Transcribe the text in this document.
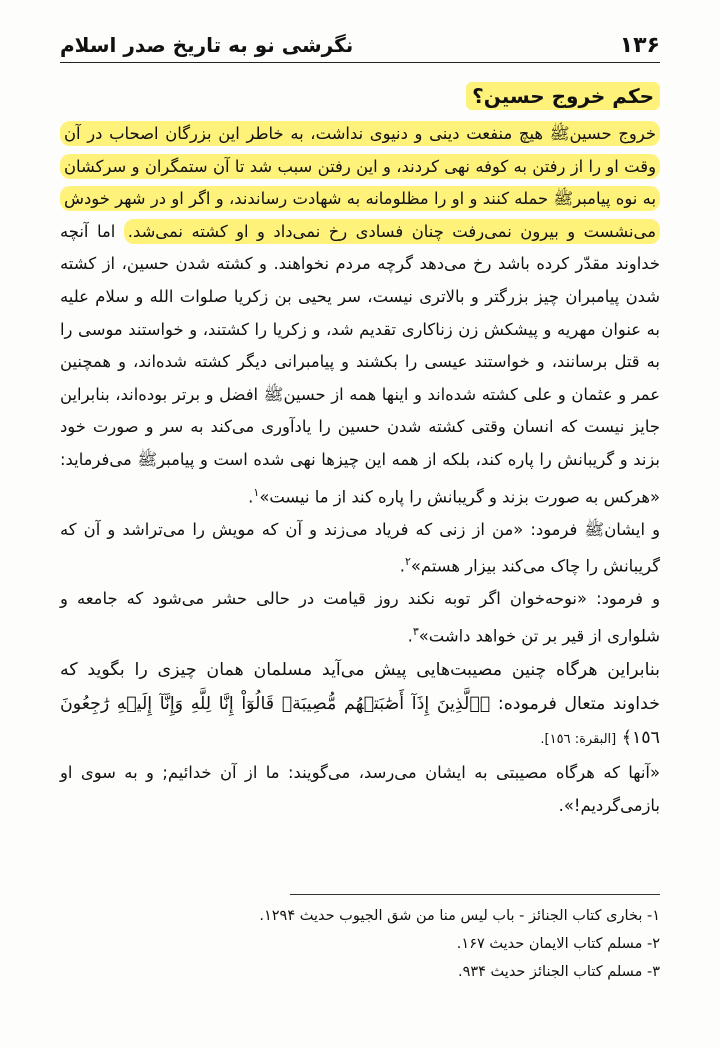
١٣۶
نگرشی نو به تاریخ صدر اسلام
حکم خروج حسین؟

خروج حسینﷺ هیچ منفعت دینی و دنیوی نداشت، به خاطر این بزرگان اصحاب در آن وقت او را از رفتن به کوفه نهی کردند، و این رفتن سبب شد تا آن ستمگران و سرکشان به نوه پیامبرﷺ حمله کنند و او را مظلومانه به شهادت رساندند، و اگر او در شهر خودش می‌نشست و بیرون نمی‌رفت چنان فسادی رخ نمی‌داد و او کشته نمی‌شد. اما آنچه خداوند مقدّر کرده باشد رخ می‌دهد گرچه مردم نخواهند. و کشته شدن حسین، از کشته شدن پیامبران چیز بزرگتر و بالاتری نیست، سر یحیی بن زکریا صلوات الله و سلام علیه به عنوان مهریه و پیشکش زن زناکاری تقدیم شد، و زکریا را کشتند، و خواستند موسی را به قتل برسانند، و خواستند عیسی را بکشند و پیامبرانی دیگر کشته شده‌اند، و همچنین عمر و عثمان و علی کشته شده‌اند و اینها همه از حسینﷺ افضل و برتر بوده‌اند، بنابراین جایز نیست که انسان وقتی کشته شدن حسین را یادآوری می‌کند به سر و صورت خود بزند و گریبانش را پاره کند، بلکه از همه این چیزها نهی شده است و پیامبرﷺ می‌فرماید: «هرکس به صورت بزند و گریبانش را پاره کند از ما نیست»$^١$.

و ایشانﷺ فرمود: «من از زنی که فریاد می‌زند و آن که مویش را می‌تراشد و آن که گریبانش را چاک می‌کند بیزار هستم»$^٢$.

و فرمود: «نوحه‌خوان اگر توبه نکند روز قیامت در حالی حشر می‌شود که جامعه و شلواری از قیر بر تن خواهد داشت»$^٣$.

بنابراین هرگاه چنین مصیبت‌هایی پیش می‌آید مسلمان همان چیزی را بگوید که خداوند متعال فرموده: ﴿ٱلَّذِينَ إِذَآ أَصَٰبَتۡهُم مُّصِيبَةٞ قَالُوٓاْ إِنَّا لِلَّهِ وَإِنَّآ إِلَيۡهِ رَٰجِعُونَ ١٥٦﴾ [البقرة: ١٥٦].

«آنها که هرگاه مصیبتی به ایشان می‌رسد، می‌گویند: ما از آن خدائیم; و به سوی او بازمی‌گردیم!».

١- بخاری کتاب الجنائز - باب لیس منا من شق الجیوب حدیث ١٢٩۴.
٢- مسلم کتاب الایمان حدیث ١۶٧.
٣- مسلم کتاب الجنائز حدیث ٩٣۴.
